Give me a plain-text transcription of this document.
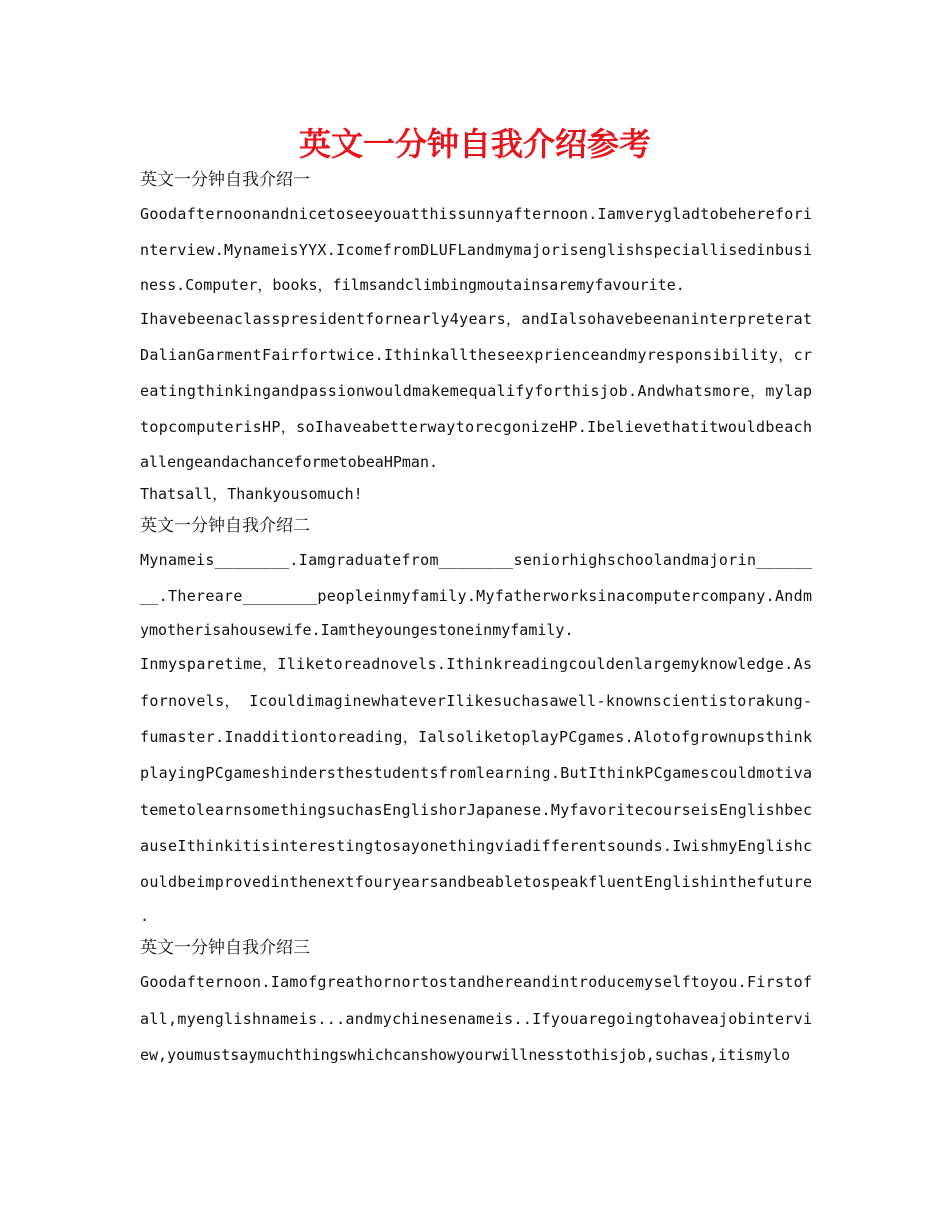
英文一分钟自我介绍参考
英文一分钟自我介绍一
Goodafternoonandnicetoseeyouatthissunnyafternoon.Iamverygladtobeherefori
nterview.MynameisYYX.IcomefromDLUFLandmymajorisenglishspeciallisedinbusi
ness.Computer，books，filmsandclimbingmoutainsaremyfavourite.
Ihavebeenaclasspresidentfornearly4years，andIalsohavebeenaninterpreterat
DalianGarmentFairfortwice.Ithinkalltheseexprienceandmyresponsibility，cr
eatingthinkingandpassionwouldmakemequalifyforthisjob.Andwhatsmore，mylap
topcomputerisHP，soIhaveabetterwaytorecgonizeHP.Ibelievethatitwouldbeach
allengeandachanceformetobeaHPman.
Thatsall，Thankyousomuch!
英文一分钟自我介绍二
Mynameis________.Iamgraduatefrom________seniorhighschoolandmajorin______
__.Thereare________peopleinmyfamily.Myfatherworksinacomputercompany.Andm
ymotherisahousewife.Iamtheyoungestoneinmyfamily.
Inmysparetime，Iliketoreadnovels.Ithinkreadingcouldenlargemyknowledge.As
fornovels， IcouldimaginewhateverIlikesuchasawell-knownscientistorakung-
fumaster.Inadditiontoreading，IalsoliketoplayPCgames.Alotofgrownupsthink
playingPCgameshindersthestudentsfromlearning.ButIthinkPCgamescouldmotiva
temetolearnsomethingsuchasEnglishorJapanese.MyfavoritecourseisEnglishbec
auseIthinkitisinterestingtosayonethingviadifferentsounds.IwishmyEnglishc
ouldbeimprovedinthenextfouryearsandbeabletospeakfluentEnglishinthefuture
.
英文一分钟自我介绍三
Goodafternoon.Iamofgreathornortostandhereandintroducemyselftoyou.Firstof
all,myenglishnameis...andmychinesenameis..Ifyouaregoingtohaveajobintervi
ew,youmustsaymuchthingswhichcanshowyourwillnesstothisjob,suchas,itismylo
